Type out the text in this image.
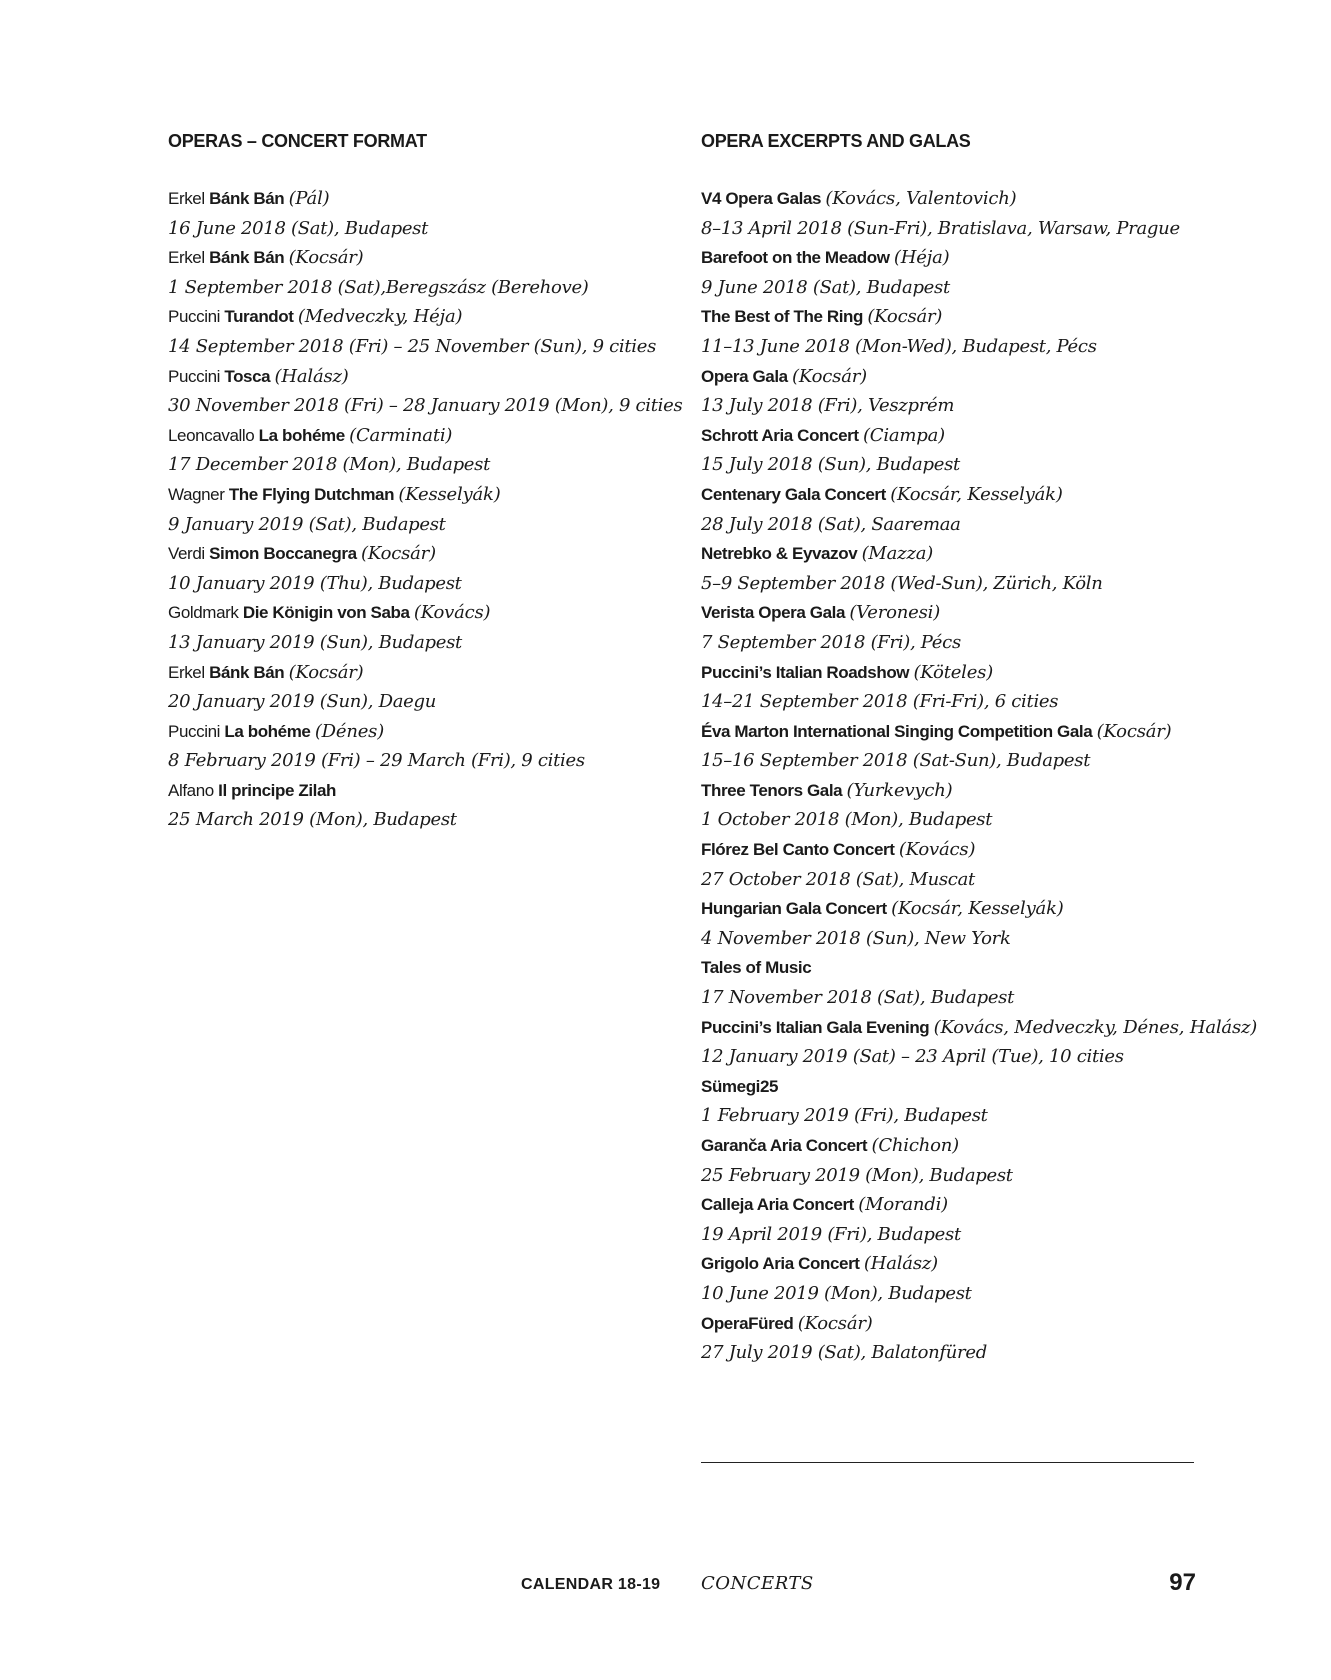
OPERAS – CONCERT FORMAT
Erkel Bánk Bán (Pál)
16 June 2018 (Sat), Budapest
Erkel Bánk Bán (Kocsár)
1 September 2018 (Sat),Beregszász (Berehove)
Puccini Turandot (Medveczky, Héja)
14 September 2018 (Fri) – 25 November (Sun), 9 cities
Puccini Tosca (Halász)
30 November 2018 (Fri) – 28 January 2019 (Mon), 9 cities
Leoncavallo La bohéme (Carminati)
17 December 2018 (Mon), Budapest
Wagner The Flying Dutchman (Kesselyák)
9 January 2019 (Sat), Budapest
Verdi Simon Boccanegra (Kocsár)
10 January 2019 (Thu), Budapest
Goldmark Die Königin von Saba (Kovács)
13 January 2019 (Sun), Budapest
Erkel Bánk Bán (Kocsár)
20 January 2019 (Sun), Daegu
Puccini La bohéme (Dénes)
8 February 2019 (Fri) – 29 March (Fri), 9 cities
Alfano Il principe Zilah
25 March 2019 (Mon), Budapest
OPERA EXCERPTS AND GALAS
V4 Opera Galas (Kovács, Valentovich)
8–13 April 2018 (Sun-Fri), Bratislava, Warsaw, Prague
Barefoot on the Meadow (Héja)
9 June 2018 (Sat), Budapest
The Best of The Ring (Kocsár)
11–13 June 2018 (Mon-Wed), Budapest, Pécs
Opera Gala (Kocsár)
13 July 2018 (Fri), Veszprém
Schrott Aria Concert (Ciampa)
15 July 2018 (Sun), Budapest
Centenary Gala Concert (Kocsár, Kesselyák)
28 July 2018 (Sat), Saaremaa
Netrebko & Eyvazov (Mazza)
5–9 September 2018 (Wed-Sun), Zürich, Köln
Verista Opera Gala (Veronesi)
7 September 2018 (Fri), Pécs
Puccini’s Italian Roadshow (Köteles)
14–21 September 2018 (Fri-Fri), 6 cities
Éva Marton International Singing Competition Gala (Kocsár)
15–16 September 2018 (Sat-Sun), Budapest
Three Tenors Gala (Yurkevych)
1 October 2018 (Mon), Budapest
Flórez Bel Canto Concert (Kovács)
27 October 2018 (Sat), Muscat
Hungarian Gala Concert (Kocsár, Kesselyák)
4 November 2018 (Sun), New York
Tales of Music
17 November 2018 (Sat), Budapest
Puccini’s Italian Gala Evening (Kovács, Medveczky, Dénes, Halász)
12 January 2019 (Sat) – 23 April (Tue), 10 cities
Sümegi25
1 February 2019 (Fri), Budapest
Garanča Aria Concert (Chichon)
25 February 2019 (Mon), Budapest
Calleja Aria Concert (Morandi)
19 April 2019 (Fri), Budapest
Grigolo Aria Concert (Halász)
10 June 2019 (Mon), Budapest
OperaFüred (Kocsár)
27 July 2019 (Sat), Balatonfüred
CALENDAR 18-19 CONCERTS	97
